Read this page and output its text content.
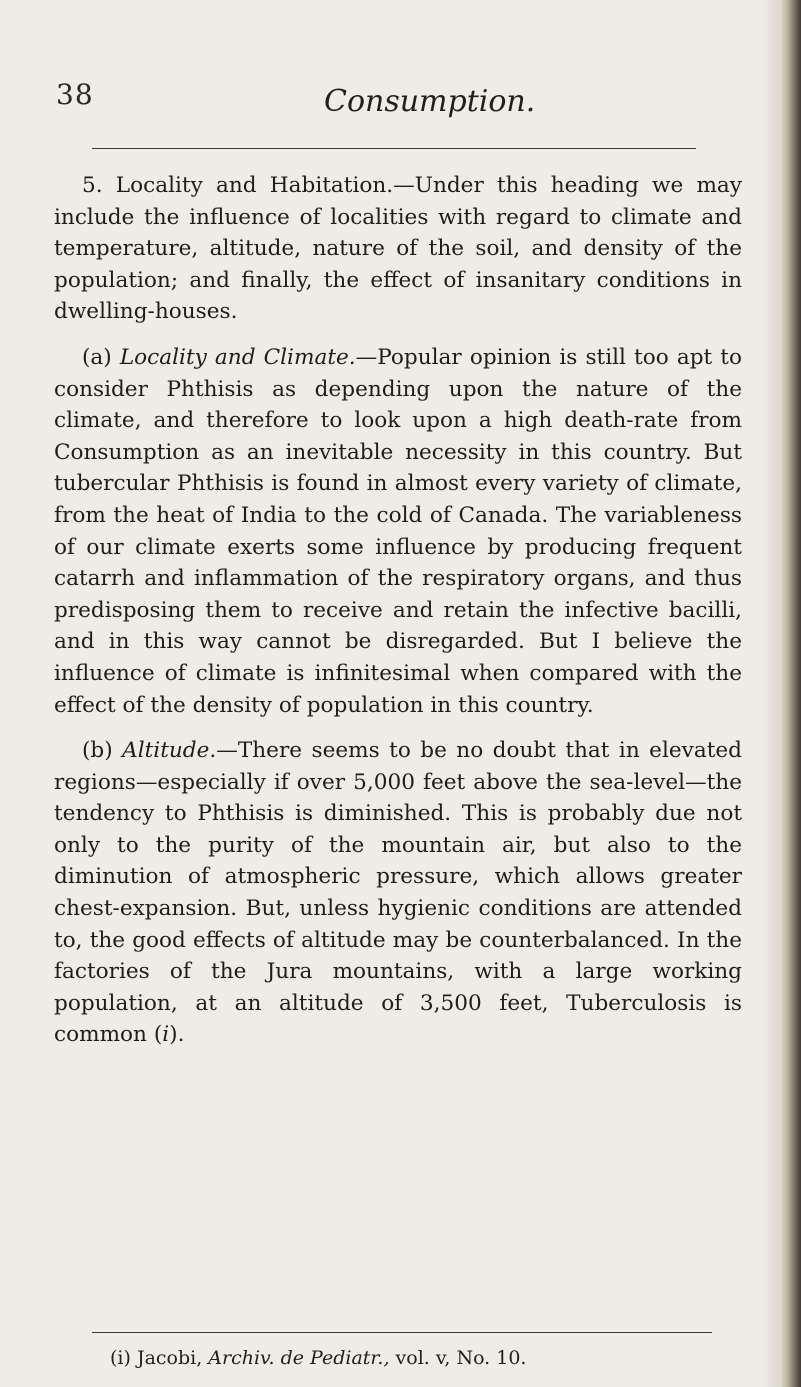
38	Consumption.

5. Locality and Habitation.—Under this heading we may include the influence of localities with regard to climate and temperature, altitude, nature of the soil, and density of the population; and finally, the effect of insanitary conditions in dwelling-houses.

(a) Locality and Climate.—Popular opinion is still too apt to consider Phthisis as depending upon the nature of the climate, and therefore to look upon a high death-rate from Consumption as an inevitable necessity in this country. But tubercular Phthisis is found in almost every variety of climate, from the heat of India to the cold of Canada. The variableness of our climate exerts some influence by producing frequent catarrh and inflammation of the respiratory organs, and thus predisposing them to receive and retain the infective bacilli, and in this way cannot be disregarded. But I believe the influence of climate is infinitesimal when compared with the effect of the density of population in this country.

(b) Altitude.—There seems to be no doubt that in elevated regions—especially if over 5,000 feet above the sea-level—the tendency to Phthisis is diminished. This is probably due not only to the purity of the mountain air, but also to the diminution of atmospheric pressure, which allows greater chest-expansion. But, unless hygienic conditions are attended to, the good effects of altitude may be counterbalanced. In the factories of the Jura mountains, with a large working population, at an altitude of 3,500 feet, Tuberculosis is common (i).

(i) Jacobi, Archiv. de Pediatr., vol. v, No. 10.
